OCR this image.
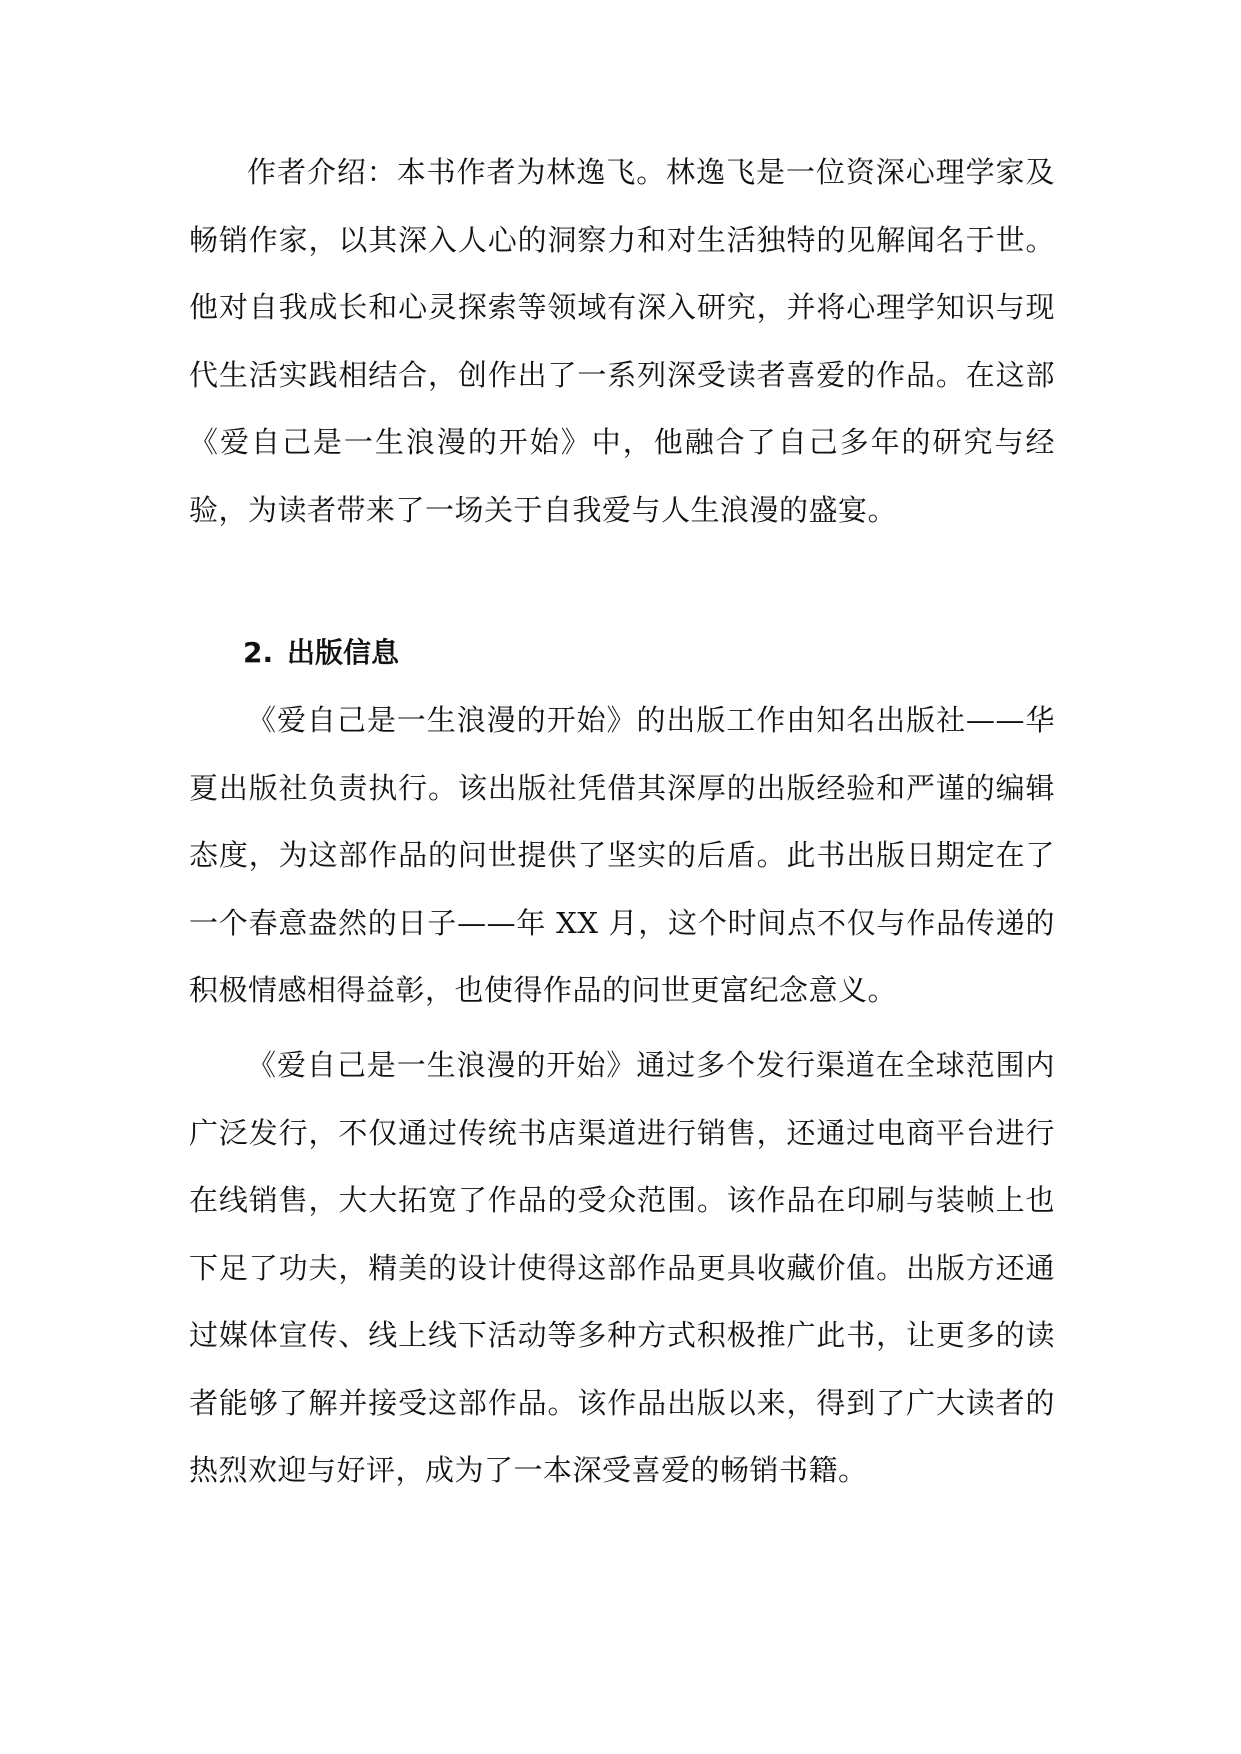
作者介绍：本书作者为林逸飞。林逸飞是一位资深心理学家及畅销作家，以其深入人心的洞察力和对生活独特的见解闻名于世。他对自我成长和心灵探索等领域有深入研究，并将心理学知识与现代生活实践相结合，创作出了一系列深受读者喜爱的作品。在这部《爱自己是一生浪漫的开始》中，他融合了自己多年的研究与经验，为读者带来了一场关于自我爱与人生浪漫的盛宴。

2. 出版信息

《爱自己是一生浪漫的开始》的出版工作由知名出版社——华夏出版社负责执行。该出版社凭借其深厚的出版经验和严谨的编辑态度，为这部作品的问世提供了坚实的后盾。此书出版日期定在了一个春意盎然的日子——年 XX 月，这个时间点不仅与作品传递的积极情感相得益彰，也使得作品的问世更富纪念意义。

《爱自己是一生浪漫的开始》通过多个发行渠道在全球范围内广泛发行，不仅通过传统书店渠道进行销售，还通过电商平台进行在线销售，大大拓宽了作品的受众范围。该作品在印刷与装帧上也下足了功夫，精美的设计使得这部作品更具收藏价值。出版方还通过媒体宣传、线上线下活动等多种方式积极推广此书，让更多的读者能够了解并接受这部作品。该作品出版以来，得到了广大读者的热烈欢迎与好评，成为了一本深受喜爱的畅销书籍。
